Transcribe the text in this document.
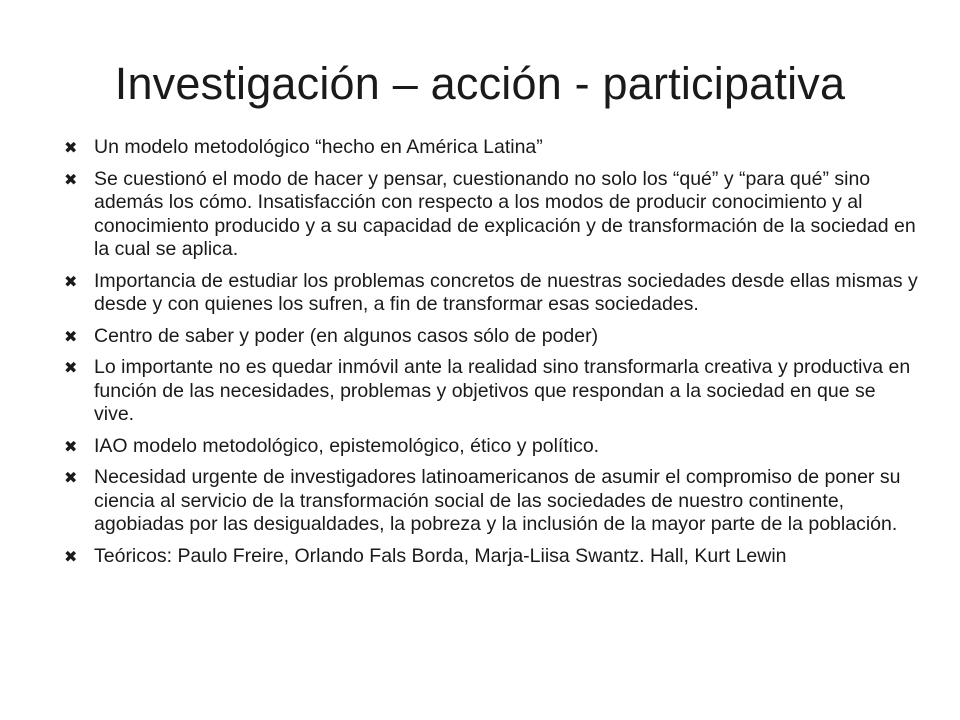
Investigación – acción - participativa
✖ Un modelo metodológico “hecho en América Latina”
✖ Se cuestionó el modo de hacer y pensar, cuestionando no solo los “qué” y “para qué” sino además los cómo. Insatisfacción con respecto a los modos de producir conocimiento y al conocimiento producido y a su capacidad de explicación y de transformación de la sociedad en la cual se aplica.
✖ Importancia de estudiar los problemas concretos de nuestras sociedades desde ellas mismas y desde y con quienes los sufren, a fin de transformar esas sociedades.
✖ Centro de saber y poder (en algunos casos sólo de poder)
✖ Lo importante no es quedar inmóvil ante la realidad sino transformarla creativa y productiva en función de las necesidades, problemas y objetivos que respondan a la sociedad en que se vive.
✖ IAO modelo metodológico, epistemológico, ético y político.
✖ Necesidad urgente de investigadores latinoamericanos de asumir el compromiso de poner su ciencia al servicio de la transformación social de las sociedades de nuestro continente, agobiadas por las desigualdades, la pobreza y la inclusión de la mayor parte de la población.
✖ Teóricos: Paulo Freire, Orlando Fals Borda, Marja-Liisa Swantz. Hall, Kurt Lewin
